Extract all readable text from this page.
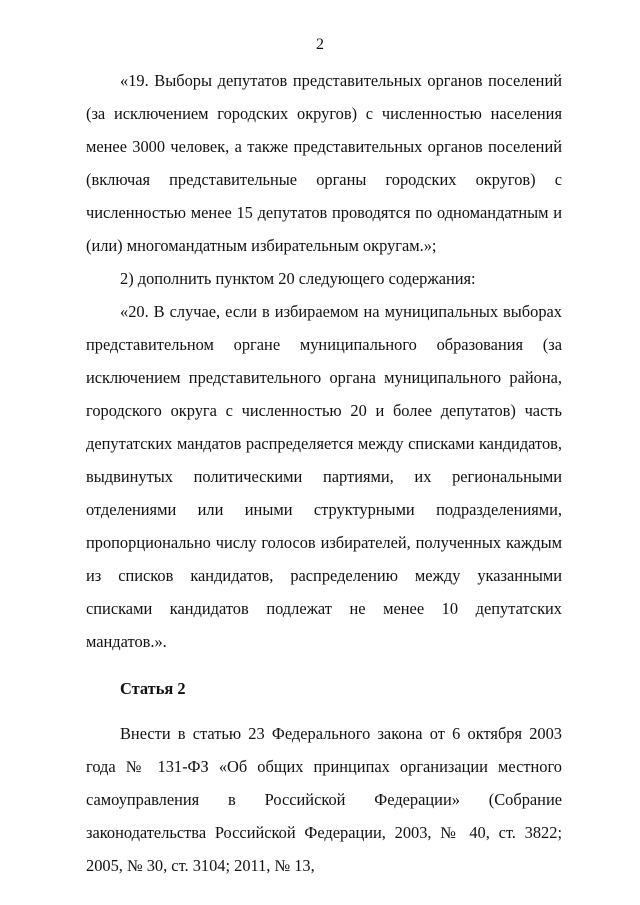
2

«19. Выборы депутатов представительных органов поселений (за исключением городских округов) с численностью населения менее 3000 человек, а также представительных органов поселений (включая представительные органы городских округов) с численностью менее 15 депутатов проводятся по одномандатным и (или) многомандатным избирательным округам.»;

2) дополнить пунктом 20 следующего содержания:

«20. В случае, если в избираемом на муниципальных выборах представительном органе муниципального образования (за исключением представительного органа муниципального района, городского округа с численностью 20 и более депутатов) часть депутатских мандатов распределяется между списками кандидатов, выдвинутых политическими партиями, их региональными отделениями или иными структурными подразделениями, пропорционально числу голосов избирателей, полученных каждым из списков кандидатов, распределению между указанными списками кандидатов подлежат не менее 10 депутатских мандатов.».

Статья 2

Внести в статью 23 Федерального закона от 6 октября 2003 года № 131-ФЗ «Об общих принципах организации местного самоуправления в Российской Федерации» (Собрание законодательства Российской Федерации, 2003, № 40, ст. 3822; 2005, № 30, ст. 3104; 2011, № 13,
